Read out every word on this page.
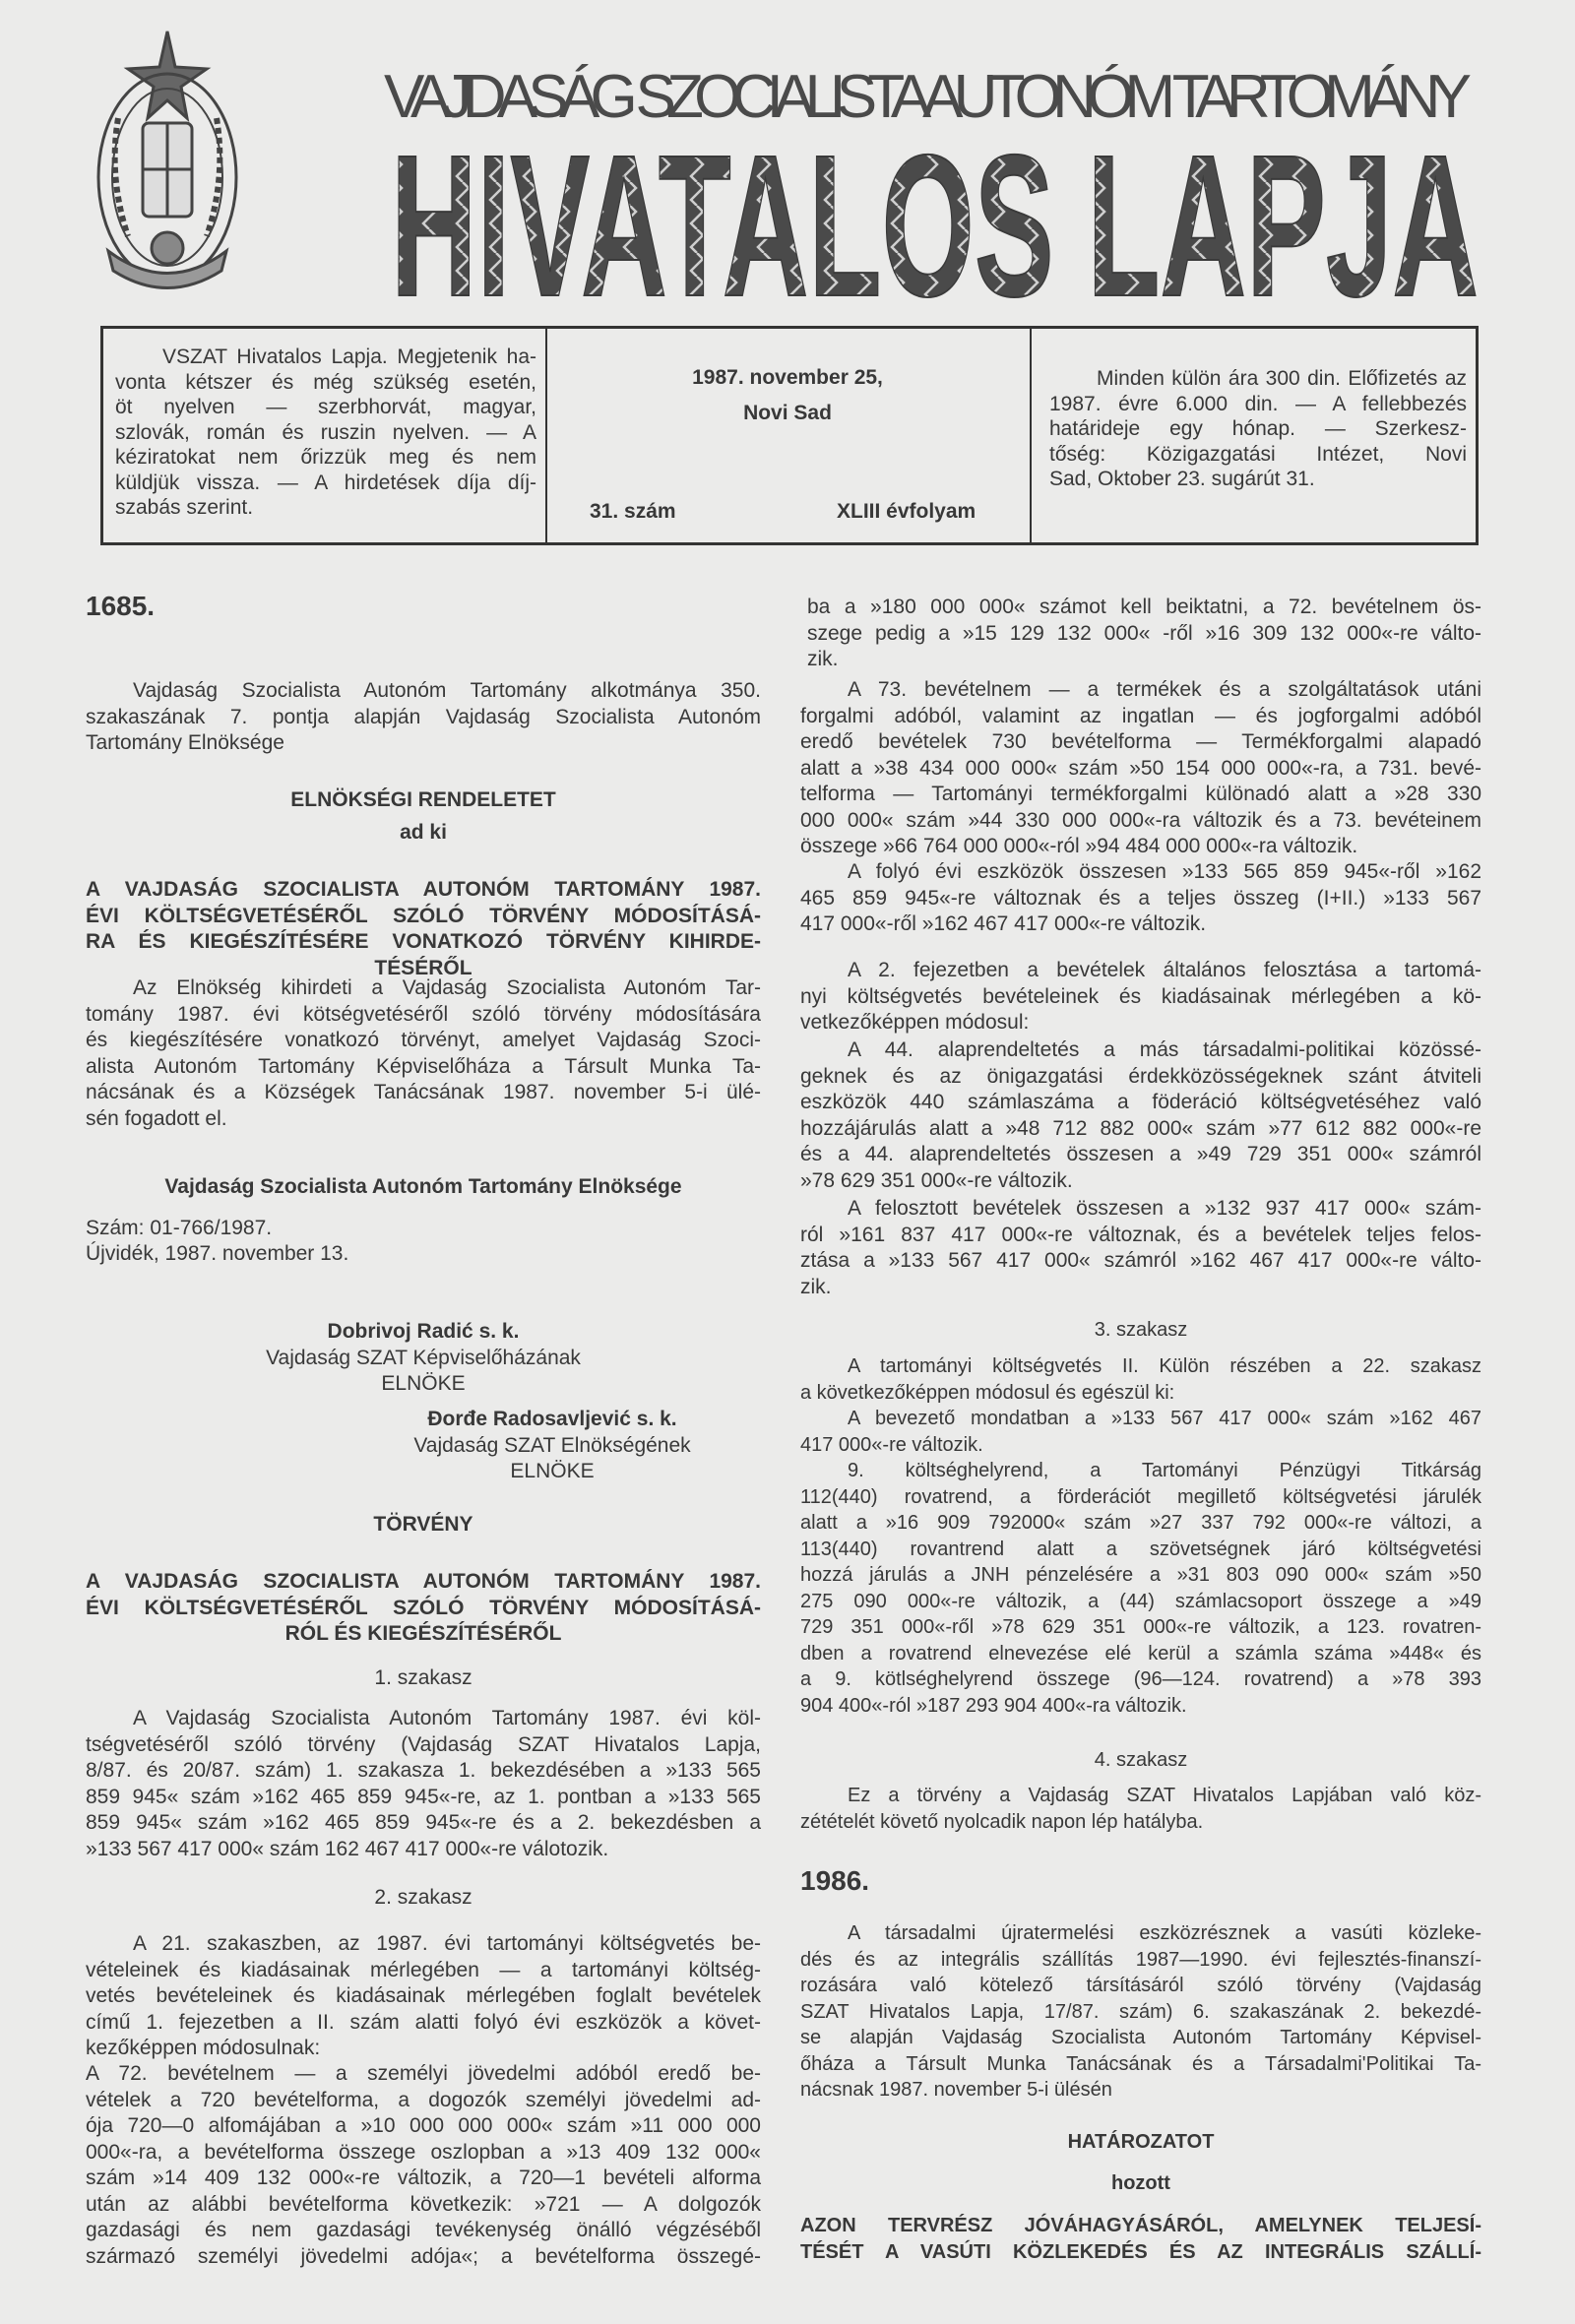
VAJDASÁG SZOCIALISTA AUTONÓM TARTOMÁNY
HIVATALOS LAPJA
VSZAT Hivatalos Lapja. Megjetenik ha-
vonta kétszer és még szükség esetén,
öt nyelven — szerbhorvát, magyar,
szlovák, román és ruszin nyelven. — A
kéziratokat nem őrizzük meg és nem
küldjük vissza. — A hirdetések díja díj-
szabás szerint.
1987. november 25,
Novi Sad
31. szám	XLIII évfolyam
Minden külön ára 300 din. Előfizetés az
1987. évre 6.000 din. — A fellebbezés
határideje egy hónap. — Szerkesz-
tőség: Közigazgatási Intézet, Novi
Sad, Oktober 23. sugárút 31.
1685.
Vajdaság Szocialista Autonóm Tartomány alkotmánya 350.
szakaszának 7. pontja alapján Vajdaság Szocialista Autonóm
Tartomány Elnöksége
ELNÖKSÉGI RENDELETET
ad ki
A VAJDASÁG SZOCIALISTA AUTONÓM TARTOMÁNY 1987.
ÉVI KÖLTSÉGVETÉSÉRŐL SZÓLÓ TÖRVÉNY MÓDOSÍTÁSÁ-
RA ÉS KIEGÉSZÍTÉSÉRE VONATKOZÓ TÖRVÉNY KIHIRDE-
TÉSÉRŐL
Az Elnökség kihirdeti a Vajdaság Szocialista Autonóm Tar-
tomány 1987. évi kötségvetéséről szóló törvény módosítására
és kiegészítésére vonatkozó törvényt, amelyet Vajdaság Szoci-
alista Autonóm Tartomány Képviselőháza a Társult Munka Ta-
nácsának és a Községek Tanácsának 1987. november 5-i ülé-
sén fogadott el.
Vajdaság Szocialista Autonóm Tartomány Elnöksége
Szám: 01-766/1987.
Újvidék, 1987. november 13.
Dobrivoj Radić s. k.
Vajdaság SZAT Képviselőházának
ELNÖKE
Đorđe Radosavljević s. k.
Vajdaság SZAT Elnökségének
ELNÖKE
TÖRVÉNY
A VAJDASÁG SZOCIALISTA AUTONÓM TARTOMÁNY 1987.
ÉVI KÖLTSÉGVETÉSÉRŐL SZÓLÓ TÖRVÉNY MÓDOSÍTÁSÁ-
RÓL ÉS KIEGÉSZÍTÉSÉRŐL
1. szakasz
A Vajdaság Szocialista Autonóm Tartomány 1987. évi köl-
tségvetéséről szóló törvény (Vajdaság SZAT Hivatalos Lapja,
8/87. és 20/87. szám) 1. szakasza 1. bekezdésében a »133 565
859 945« szám »162 465 859 945«-re, az 1. pontban a »133 565
859 945« szám »162 465 859 945«-re és a 2. bekezdésben a
»133 567 417 000« szám 162 467 417 000«-re válotozik.
2. szakasz
A 21. szakaszben, az 1987. évi tartományi költségvetés be-
vételeinek és kiadásainak mérlegében — a tartományi költség-
vetés bevételeinek és kiadásainak mérlegében foglalt bevételek
című 1. fejezetben a II. szám alatti folyó évi eszközök a követ-
kezőképpen módosulnak:
A 72. bevételnem — a személyi jövedelmi adóból eredő be-
vételek a 720 bevételforma, a dogozók személyi jövedelmi ad-
ója 720—0 alfomájában a »10 000 000 000« szám »11 000 000
000«-ra, a bevételforma összege oszlopban a »13 409 132 000«
szám »14 409 132 000«-re változik, a 720—1 bevételi alforma
után az alábbi bevételforma következik: »721 — A dolgozók
gazdasági és nem gazdasági tevékenység önálló végzéséből
származó személyi jövedelmi adója«; a bevételforma összegé-
ba a »180 000 000« számot kell beiktatni, a 72. bevételnem ös-
szege pedig a »15 129 132 000« -ről »16 309 132 000«-re válto-
zik.
A 73. bevételnem — a termékek és a szolgáltatások utáni
forgalmi adóból, valamint az ingatlan — és jogforgalmi adóból
eredő bevételek 730 bevételforma — Termékforgalmi alapadó
alatt a »38 434 000 000« szám »50 154 000 000«-ra, a 731. bevé-
telforma — Tartományi termékforgalmi különadó alatt a »28 330
000 000« szám »44 330 000 000«-ra változik és a 73. bevéteinem
összege »66 764 000 000«-ról »94 484 000 000«-ra változik.
A folyó évi eszközök összesen »133 565 859 945«-ről »162
465 859 945«-re változnak és a teljes összeg (I+II.) »133 567
417 000«-ről »162 467 417 000«-re változik.
A 2. fejezetben a bevételek általános felosztása a tartomá-
nyi költségvetés bevételeinek és kiadásainak mérlegében a kö-
vetkezőképpen módosul:
A 44. alaprendeltetés a más társadalmi-politikai közössé-
geknek és az önigazgatási érdekközösségeknek szánt átviteli
eszközök 440 számlaszáma a föderáció költségvetéséhez való
hozzájárulás alatt a »48 712 882 000« szám »77 612 882 000«-re
és a 44. alaprendeltetés összesen a »49 729 351 000« számról
»78 629 351 000«-re változik.
A felosztott bevételek összesen a »132 937 417 000« szám-
ról »161 837 417 000«-re változnak, és a bevételek teljes felos-
ztása a »133 567 417 000« számról »162 467 417 000«-re válto-
zik.
3. szakasz
A tartományi költségvetés II. Külön részében a 22. szakasz
a következőképpen módosul és egészül ki:
A bevezető mondatban a »133 567 417 000« szám »162 467
417 000«-re változik.
9. költséghelyrend, a Tartományi Pénzügyi Titkárság
112(440) rovatrend, a förderációt megillető költségvetési járulék
alatt a »16 909 792000« szám »27 337 792 000«-re változi, a
113(440) rovantrend alatt a szövetségnek járó költségvetési
hozzá járulás a JNH pénzelésére a »31 803 090 000« szám »50
275 090 000«-re változik, a (44) számlacsoport összege a »49
729 351 000«-ről »78 629 351 000«-re változik, a 123. rovatren-
dben a rovatrend elnevezése elé kerül a számla száma »448« és
a 9. kötlséghelyrend összege (96—124. rovatrend) a »78 393
904 400«-ról »187 293 904 400«-ra változik.
4. szakasz
Ez a törvény a Vajdaság SZAT Hivatalos Lapjában való köz-
zétételét követő nyolcadik napon lép hatályba.
1986.
A társadalmi újratermelési eszközrésznek a vasúti közleke-
dés és az integrális szállítás 1987—1990. évi fejlesztés-finanszí-
rozására való kötelező társításáról szóló törvény (Vajdaság
SZAT Hivatalos Lapja, 17/87. szám) 6. szakaszának 2. bekezdé-
se alapján Vajdaság Szocialista Autonóm Tartomány Képvisel-
őháza a Társult Munka Tanácsának és a Társadalmi'Politikai Ta-
nácsnak 1987. november 5-i ülésén
HATÁROZATOT
hozott
AZON TERVRÉSZ JÓVÁHAGYÁSÁRÓL, AMELYNEK TELJESÍ-
TÉSÉT A VASÚTI KÖZLEKEDÉS ÉS AZ INTEGRÁLIS SZÁLLÍ-
